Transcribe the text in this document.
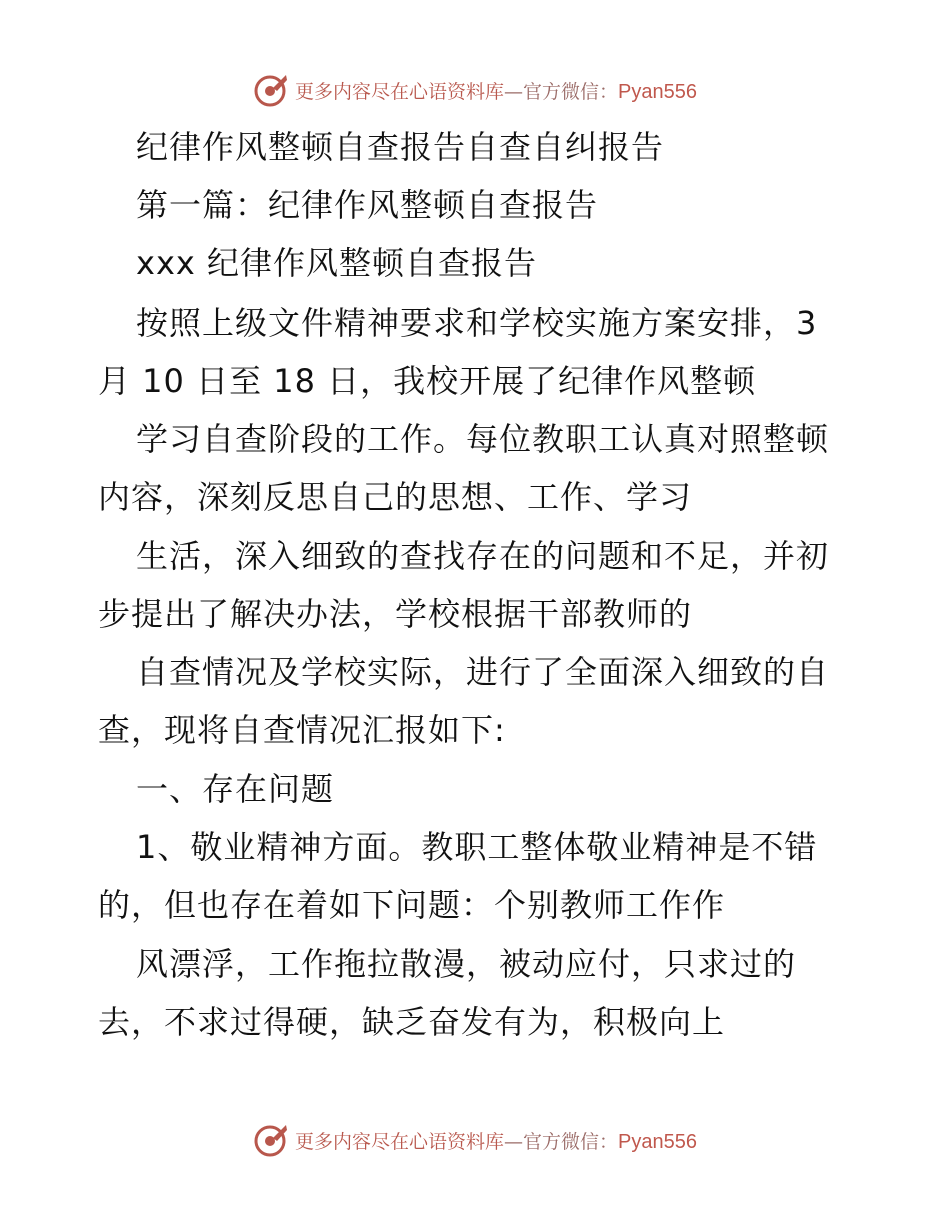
更多内容尽在心语资料库—官方微信：Pyan556
纪律作风整顿自查报告自查自纠报告
第一篇：纪律作风整顿自查报告
xxx 纪律作风整顿自查报告
按照上级文件精神要求和学校实施方案安排，3
月 10 日至 18 日，我校开展了纪律作风整顿
学习自查阶段的工作。每位教职工认真对照整顿
内容，深刻反思自己的思想、工作、学习
生活，深入细致的查找存在的问题和不足，并初
步提出了解决办法，学校根据干部教师的
自查情况及学校实际，进行了全面深入细致的自
查，现将自查情况汇报如下:
一、存在问题
1、敬业精神方面。教职工整体敬业精神是不错
的，但也存在着如下问题：个别教师工作作
风漂浮，工作拖拉散漫，被动应付，只求过的
去，不求过得硬，缺乏奋发有为，积极向上
更多内容尽在心语资料库—官方微信：Pyan556
